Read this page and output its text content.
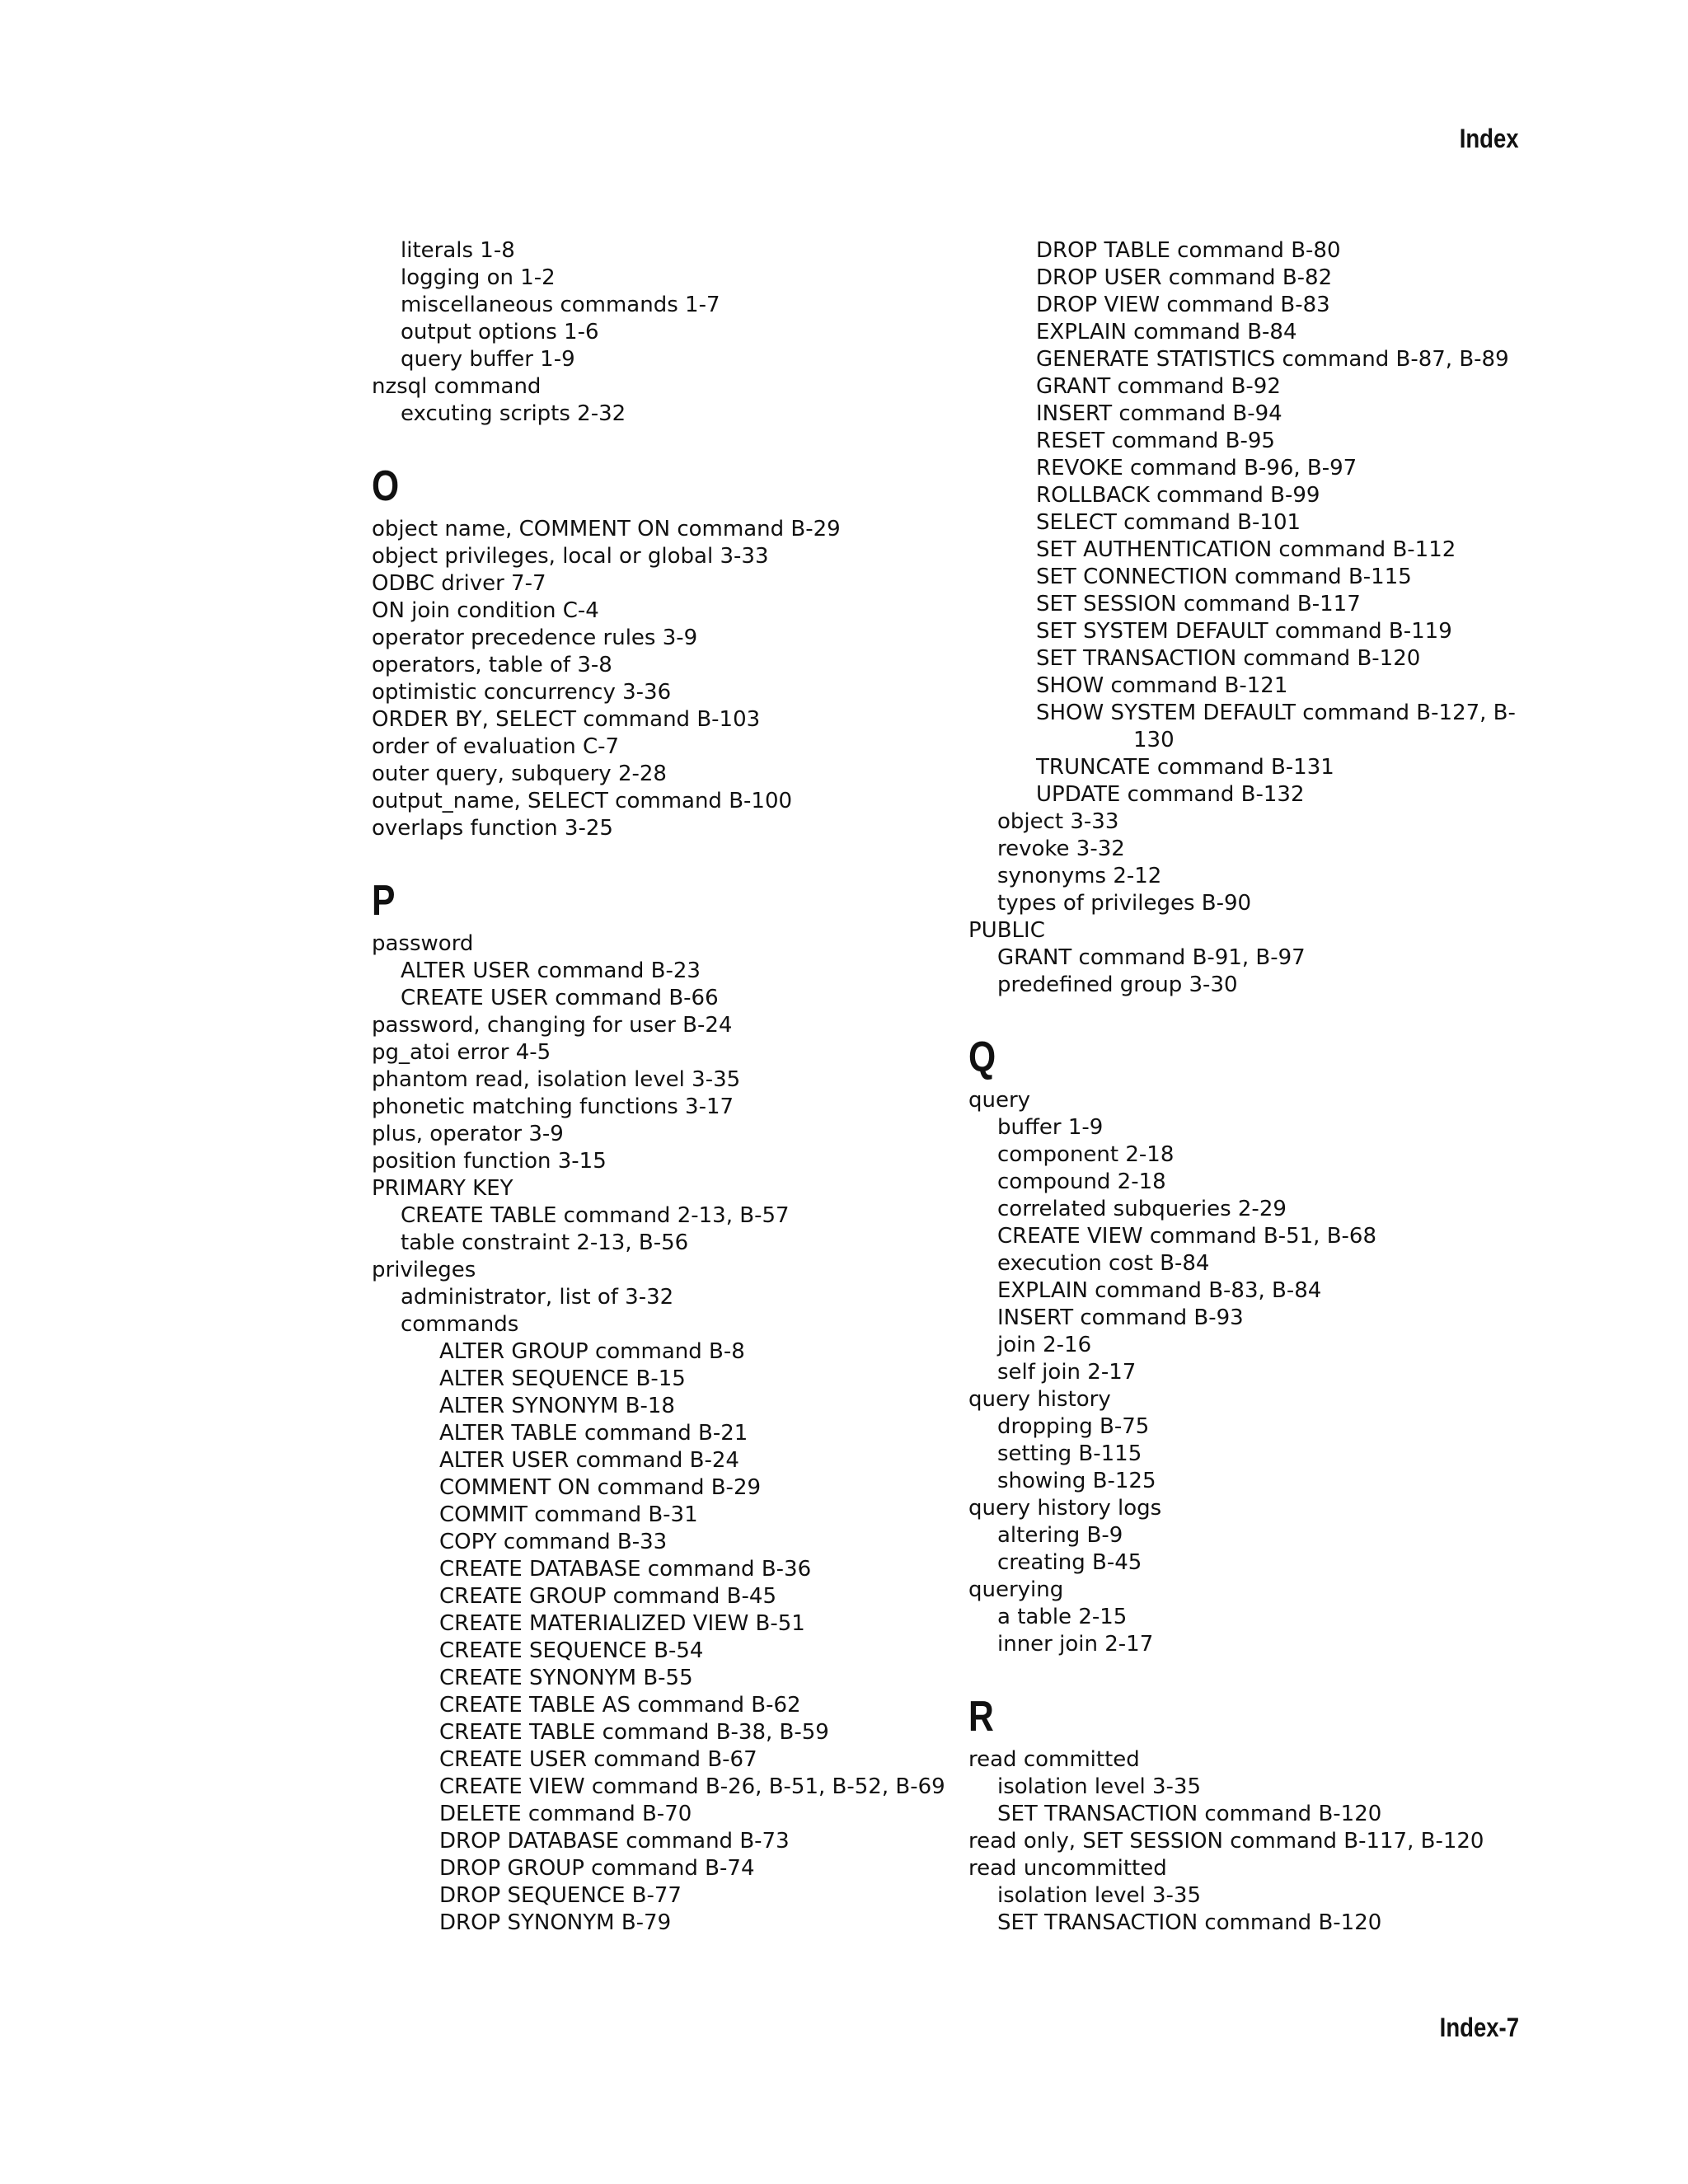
Index
literals 1-8
logging on 1-2
miscellaneous commands 1-7
output options 1-6
query buffer 1-9
nzsql command
excuting scripts 2-32
O
object name, COMMENT ON command B-29
object privileges, local or global 3-33
ODBC driver 7-7
ON join condition C-4
operator precedence rules 3-9
operators, table of 3-8
optimistic concurrency 3-36
ORDER BY, SELECT command B-103
order of evaluation C-7
outer query, subquery 2-28
output_name, SELECT command B-100
overlaps function 3-25
P
password
ALTER USER command B-23
CREATE USER command B-66
password, changing for user B-24
pg_atoi error 4-5
phantom read, isolation level 3-35
phonetic matching functions 3-17
plus, operator 3-9
position function 3-15
PRIMARY KEY
CREATE TABLE command 2-13, B-57
table constraint 2-13, B-56
privileges
administrator, list of 3-32
commands
ALTER GROUP command B-8
ALTER SEQUENCE B-15
ALTER SYNONYM B-18
ALTER TABLE command B-21
ALTER USER command B-24
COMMENT ON command B-29
COMMIT command B-31
COPY command B-33
CREATE DATABASE command B-36
CREATE GROUP command B-45
CREATE MATERIALIZED VIEW B-51
CREATE SEQUENCE B-54
CREATE SYNONYM B-55
CREATE TABLE AS command B-62
CREATE TABLE command B-38, B-59
CREATE USER command B-67
CREATE VIEW command B-26, B-51, B-52, B-69
DELETE command B-70
DROP DATABASE command B-73
DROP GROUP command B-74
DROP SEQUENCE B-77
DROP SYNONYM B-79
DROP TABLE command B-80
DROP USER command B-82
DROP VIEW command B-83
EXPLAIN command B-84
GENERATE STATISTICS command B-87, B-89
GRANT command B-92
INSERT command B-94
RESET command B-95
REVOKE command B-96, B-97
ROLLBACK command B-99
SELECT command B-101
SET AUTHENTICATION command B-112
SET CONNECTION command B-115
SET SESSION command B-117
SET SYSTEM DEFAULT command B-119
SET TRANSACTION command B-120
SHOW command B-121
SHOW SYSTEM DEFAULT command B-127, B-
130
TRUNCATE command B-131
UPDATE command B-132
object 3-33
revoke 3-32
synonyms 2-12
types of privileges B-90
PUBLIC
GRANT command B-91, B-97
predefined group 3-30
Q
query
buffer 1-9
component 2-18
compound 2-18
correlated subqueries 2-29
CREATE VIEW command B-51, B-68
execution cost B-84
EXPLAIN command B-83, B-84
INSERT command B-93
join 2-16
self join 2-17
query history
dropping B-75
setting B-115
showing B-125
query history logs
altering B-9
creating B-45
querying
a table 2-15
inner join 2-17
R
read committed
isolation level 3-35
SET TRANSACTION command B-120
read only, SET SESSION command B-117, B-120
read uncommitted
isolation level 3-35
SET TRANSACTION command B-120
Index-7
